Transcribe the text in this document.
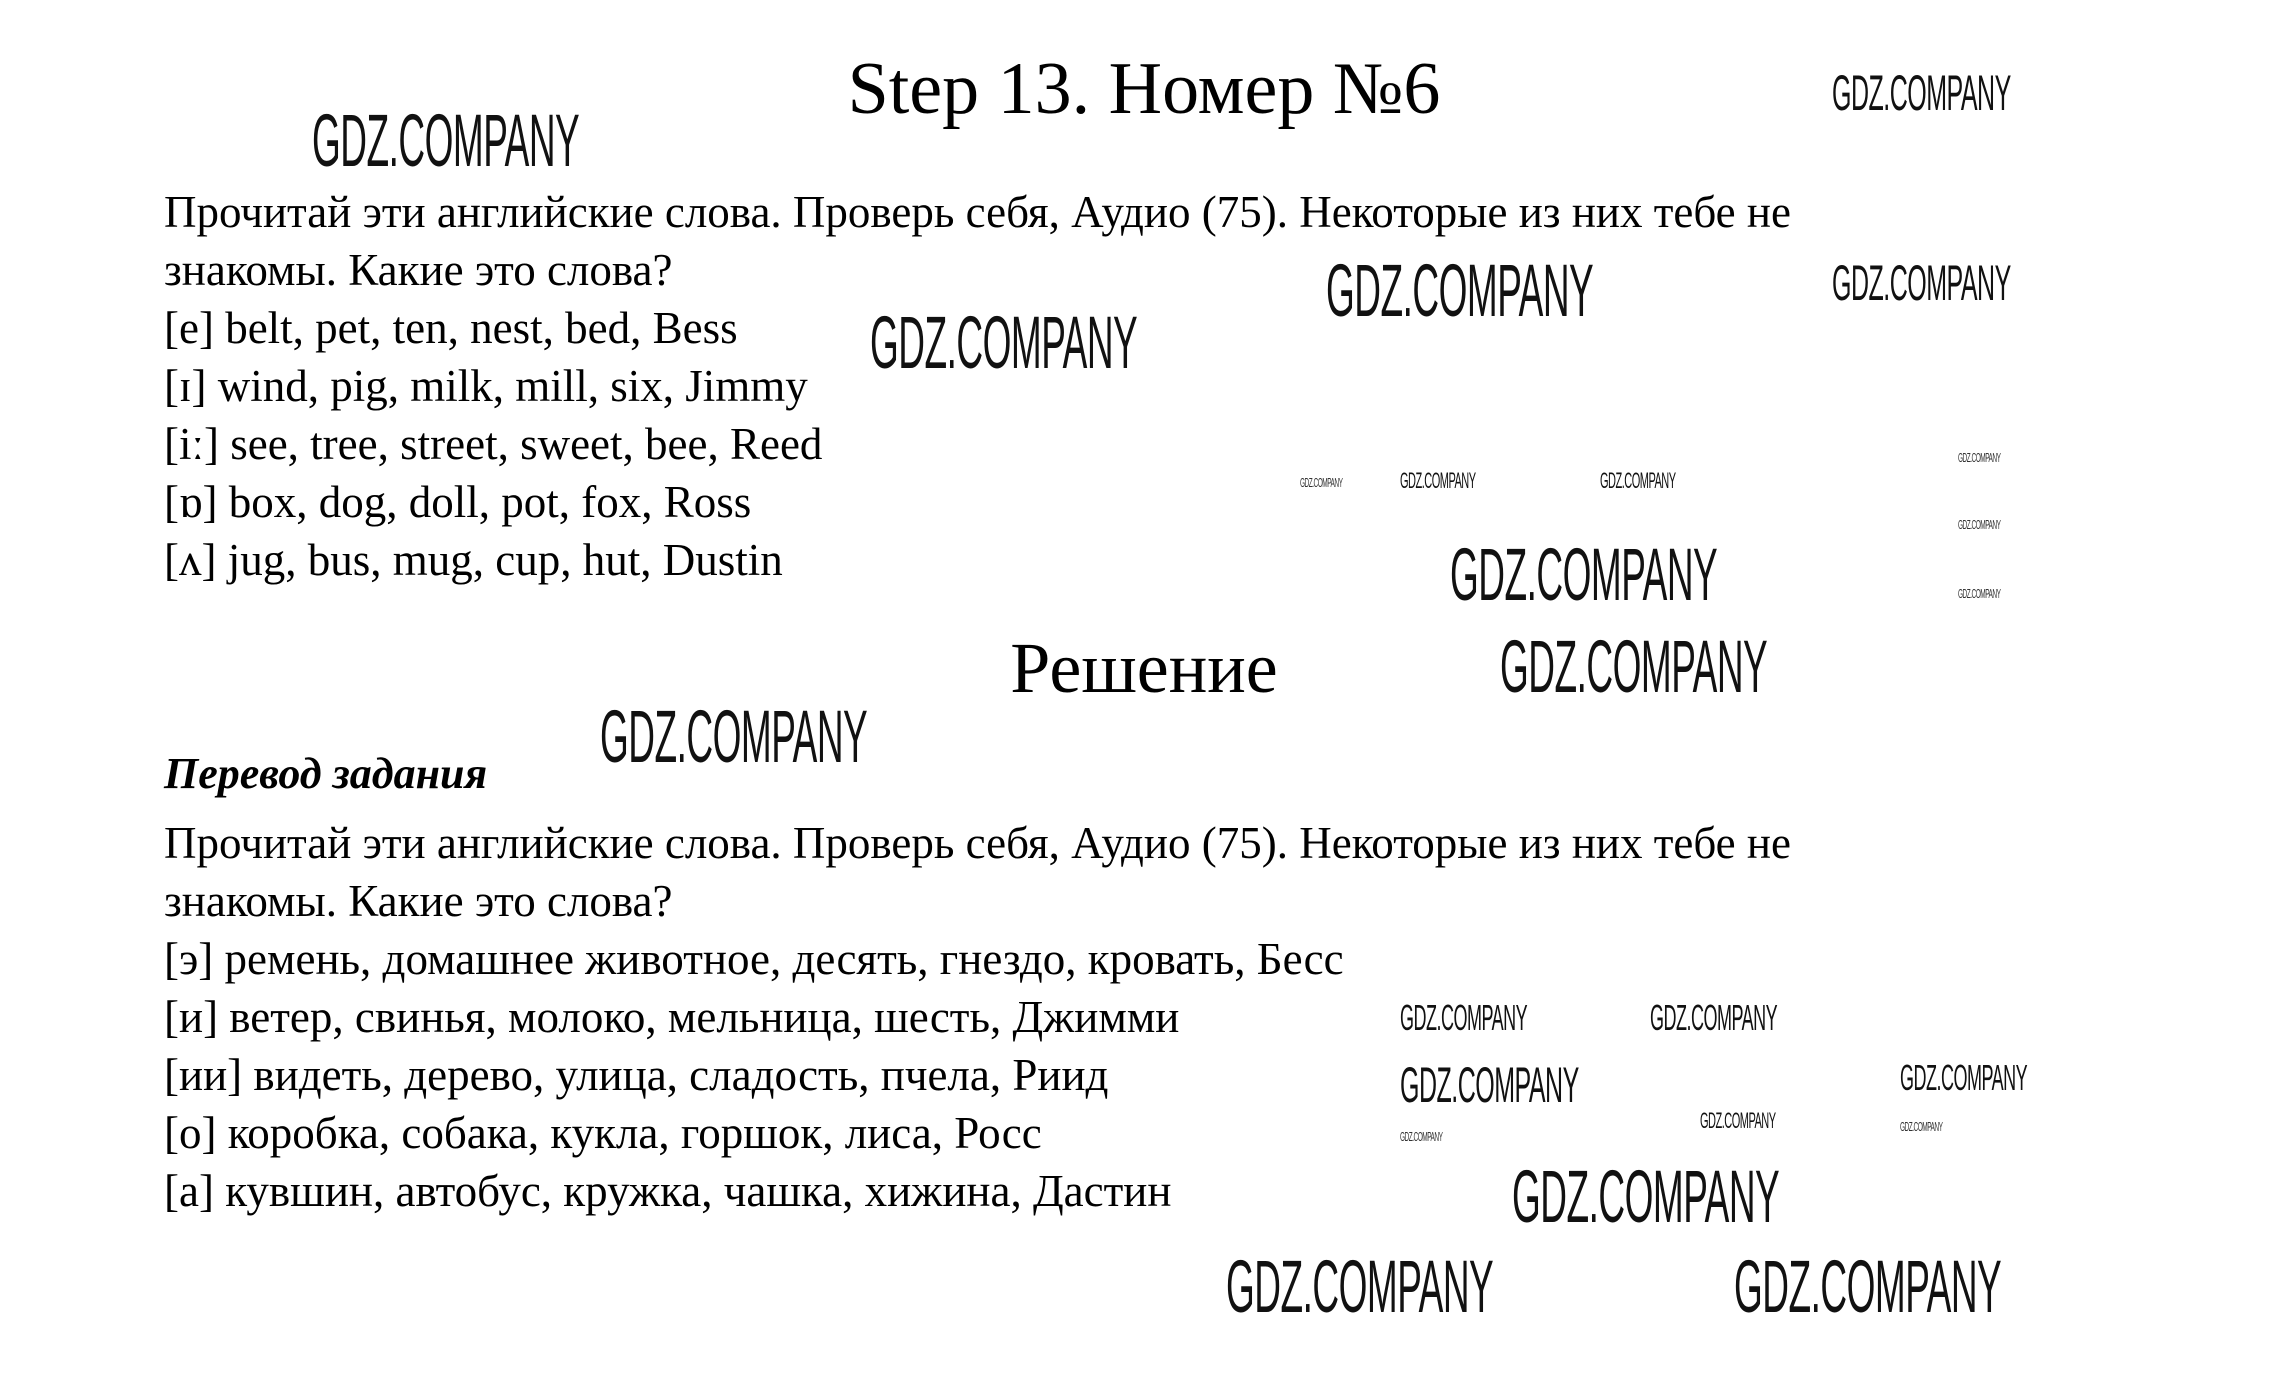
Step 13. Номер №6
Прочитай эти английские слова. Проверь себя, Аудио (75). Некоторые из них тебе не
знакомы. Какие это слова?
[e] belt, pet, ten, nest, bed, Bess
[ɪ] wind, pig, milk, mill, six, Jimmy
[iː] see, tree, street, sweet, bee, Reed
[ɒ] box, dog, doll, pot, fox, Ross
[ʌ] jug, bus, mug, cup, hut, Dustin
Решение
Перевод задания
Прочитай эти английские слова. Проверь себя, Аудио (75). Некоторые из них тебе не
знакомы. Какие это слова?
[э] ремень, домашнее животное, десять, гнездо, кровать, Бесс
[и] ветер, свинья, молоко, мельница, шесть, Джимми
[ии] видеть, дерево, улица, сладость, пчела, Риид
[о] коробка, собака, кукла, горшок, лиса, Росс
[а] кувшин, автобус, кружка, чашка, хижина, Дастин
GDZ.COMPANY
GDZ.COMPANY
GDZ.COMPANY	GDZ.COMPANY
GDZ.COMPANY
GDZ.COMPANY
GDZ.COMPANY	GDZ.COMPANY	GDZ.COMPANY
GDZ.COMPANY
GDZ.COMPANY	GDZ.COMPANY
GDZ.COMPANY
GDZ.COMPANY
GDZ.COMPANY	GDZ.COMPANY
GDZ.COMPANY	GDZ.COMPANY
GDZ.COMPANY	GDZ.COMPANY
GDZ.COMPANY
GDZ.COMPANY
GDZ.COMPANY
GDZ.COMPANY
